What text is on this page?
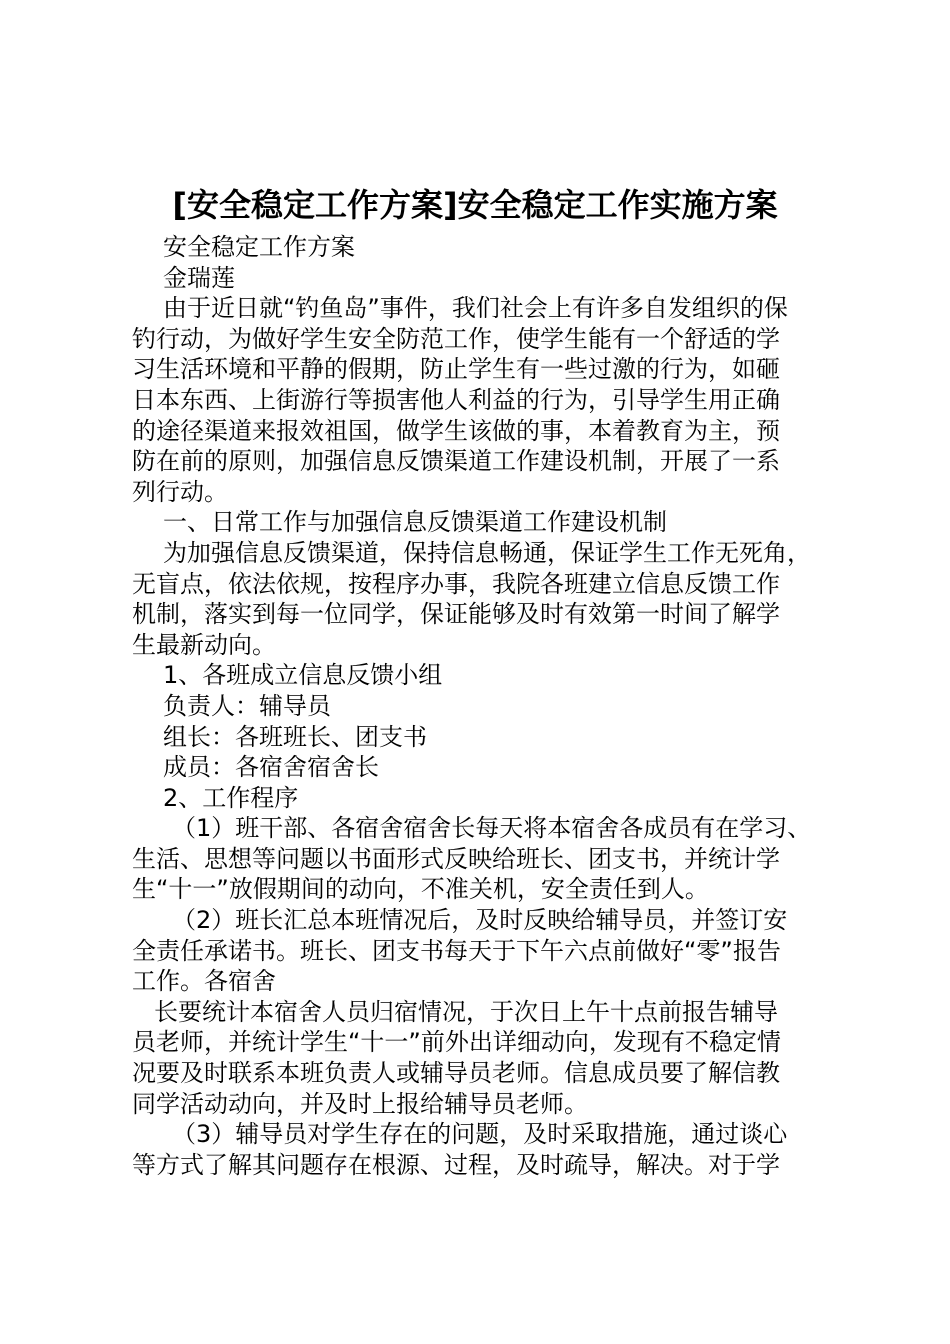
[安全稳定工作方案]安全稳定工作实施方案
安全稳定工作方案
金瑞莲
由于近日就“钓鱼岛”事件，我们社会上有许多自发组织的保
钓行动，为做好学生安全防范工作，使学生能有一个舒适的学
习生活环境和平静的假期，防止学生有一些过激的行为，如砸
日本东西、上街游行等损害他人利益的行为，引导学生用正确
的途径渠道来报效祖国，做学生该做的事，本着教育为主，预
防在前的原则，加强信息反馈渠道工作建设机制，开展了一系
列行动。
一、日常工作与加强信息反馈渠道工作建设机制
为加强信息反馈渠道，保持信息畅通，保证学生工作无死角，
无盲点，依法依规，按程序办事，我院各班建立信息反馈工作
机制，落实到每一位同学，保证能够及时有效第一时间了解学
生最新动向。
1、各班成立信息反馈小组
负责人：辅导员
组长：各班班长、团支书
成员：各宿舍宿舍长
2、工作程序
（1）班干部、各宿舍宿舍长每天将本宿舍各成员有在学习、
生活、思想等问题以书面形式反映给班长、团支书，并统计学
生“十一”放假期间的动向，不准关机，安全责任到人。
（2）班长汇总本班情况后，及时反映给辅导员，并签订安
全责任承诺书。班长、团支书每天于下午六点前做好“零”报告
工作。各宿舍
长要统计本宿舍人员归宿情况，于次日上午十点前报告辅导
员老师，并统计学生“十一”前外出详细动向，发现有不稳定情
况要及时联系本班负责人或辅导员老师。信息成员要了解信教
同学活动动向，并及时上报给辅导员老师。
（3）辅导员对学生存在的问题，及时采取措施，通过谈心
等方式了解其问题存在根源、过程，及时疏导，解决。对于学
